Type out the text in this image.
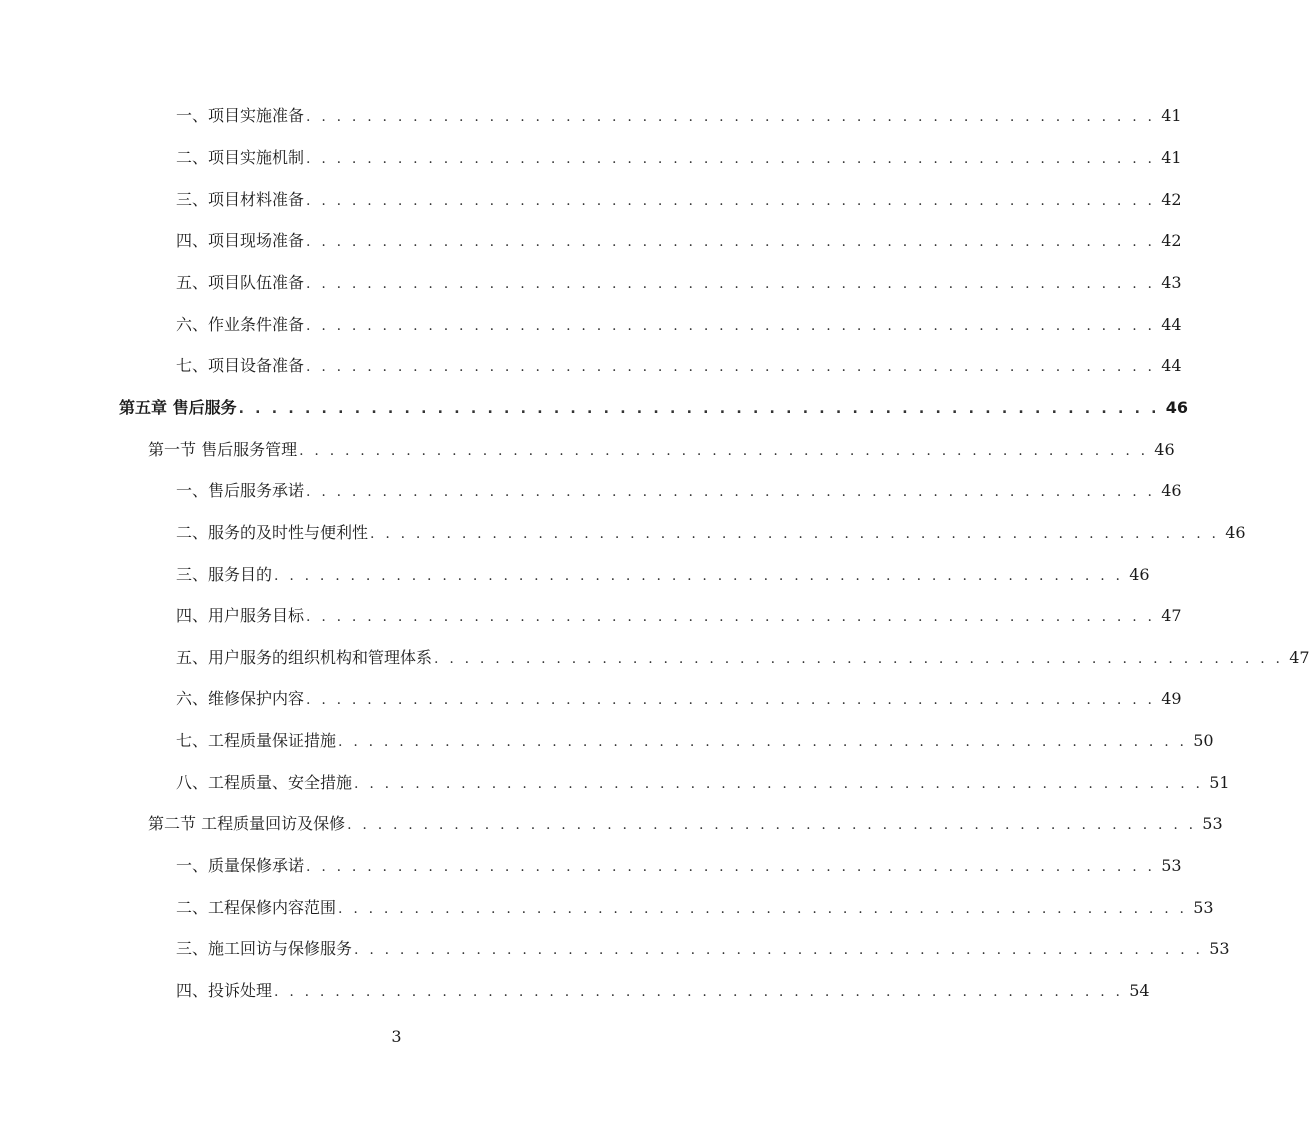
一、项目实施准备 . . . . . . . . . . . . . . . . . . . . . . . . . . . . . . . . . . . . . . . . . . . . . . . . . . . . . . . . 41
二、项目实施机制 . . . . . . . . . . . . . . . . . . . . . . . . . . . . . . . . . . . . . . . . . . . . . . . . . . . . . . . . 41
三、项目材料准备 . . . . . . . . . . . . . . . . . . . . . . . . . . . . . . . . . . . . . . . . . . . . . . . . . . . . . . . . 42
四、项目现场准备 . . . . . . . . . . . . . . . . . . . . . . . . . . . . . . . . . . . . . . . . . . . . . . . . . . . . . . . . 42
五、项目队伍准备 . . . . . . . . . . . . . . . . . . . . . . . . . . . . . . . . . . . . . . . . . . . . . . . . . . . . . . . . 43
六、作业条件准备 . . . . . . . . . . . . . . . . . . . . . . . . . . . . . . . . . . . . . . . . . . . . . . . . . . . . . . . . 44
七、项目设备准备 . . . . . . . . . . . . . . . . . . . . . . . . . . . . . . . . . . . . . . . . . . . . . . . . . . . . . . . . 44
第五章 售后服务 . . . . . . . . . . . . . . . . . . . . . . . . . . . . . . . . . . . . . . . . . . . . . . . . . . . . . . . . 46
第一节 售后服务管理 . . . . . . . . . . . . . . . . . . . . . . . . . . . . . . . . . . . . . . . . . . . . . . . . . . . . . . . . 46
一、售后服务承诺 . . . . . . . . . . . . . . . . . . . . . . . . . . . . . . . . . . . . . . . . . . . . . . . . . . . . . . . . 46
二、服务的及时性与便利性 . . . . . . . . . . . . . . . . . . . . . . . . . . . . . . . . . . . . . . . . . . . . . . . . . . . . . . . . 46
三、服务目的 . . . . . . . . . . . . . . . . . . . . . . . . . . . . . . . . . . . . . . . . . . . . . . . . . . . . . . . . 46
四、用户服务目标 . . . . . . . . . . . . . . . . . . . . . . . . . . . . . . . . . . . . . . . . . . . . . . . . . . . . . . . . 47
五、用户服务的组织机构和管理体系 . . . . . . . . . . . . . . . . . . . . . . . . . . . . . . . . . . . . . . . . . . . . . . . . . . . . . . . . 47
六、维修保护内容 . . . . . . . . . . . . . . . . . . . . . . . . . . . . . . . . . . . . . . . . . . . . . . . . . . . . . . . . 49
七、工程质量保证措施 . . . . . . . . . . . . . . . . . . . . . . . . . . . . . . . . . . . . . . . . . . . . . . . . . . . . . . . . 50
八、工程质量、安全措施 . . . . . . . . . . . . . . . . . . . . . . . . . . . . . . . . . . . . . . . . . . . . . . . . . . . . . . . . 51
第二节 工程质量回访及保修 . . . . . . . . . . . . . . . . . . . . . . . . . . . . . . . . . . . . . . . . . . . . . . . . . . . . . . . . 53
一、质量保修承诺 . . . . . . . . . . . . . . . . . . . . . . . . . . . . . . . . . . . . . . . . . . . . . . . . . . . . . . . . 53
二、工程保修内容范围 . . . . . . . . . . . . . . . . . . . . . . . . . . . . . . . . . . . . . . . . . . . . . . . . . . . . . . . . 53
三、施工回访与保修服务 . . . . . . . . . . . . . . . . . . . . . . . . . . . . . . . . . . . . . . . . . . . . . . . . . . . . . . . . 53
四、投诉处理 . . . . . . . . . . . . . . . . . . . . . . . . . . . . . . . . . . . . . . . . . . . . . . . . . . . . . . . . 54
3
